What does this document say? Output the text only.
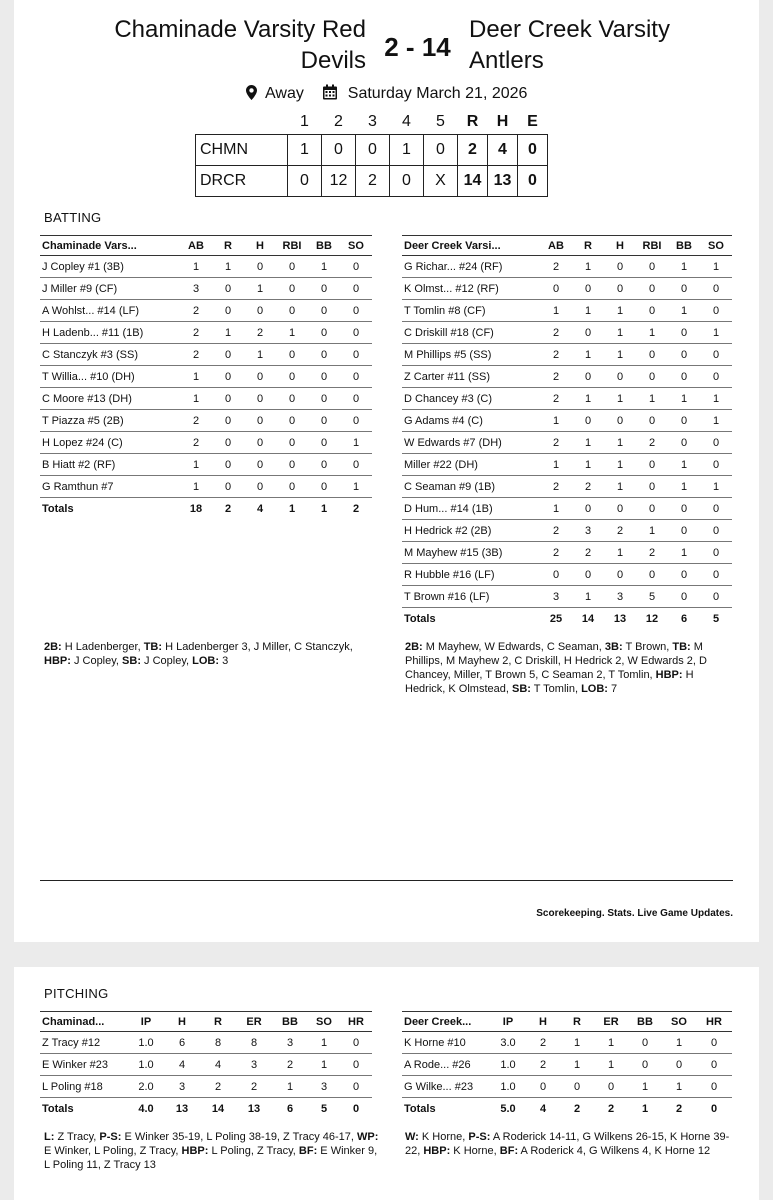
Chaminade Varsity Red Devils 2 - 14
Deer Creek Varsity Antlers
Away	Saturday March 21, 2026
	1	2	3	4	5	R	H	E
CHMN	1	0	0	1	0	2	4	0
DRCR	0	12	2	0	X	14	13	0
BATTING
Chaminade Vars...	AB	R	H	RBI	BB	SO
J Copley #1 (3B)	1	1	0	0	1	0
J Miller #9 (CF)	3	0	1	0	0	0
A Wohlst... #14 (LF)	2	0	0	0	0	0
H Ladenb... #11 (1B)	2	1	2	1	0	0
C Stanczyk #3 (SS)	2	0	1	0	0	0
T Willia... #10 (DH)	1	0	0	0	0	0
C Moore #13 (DH)	1	0	0	0	0	0
T Piazza #5 (2B)	2	0	0	0	0	0
H Lopez #24 (C)	2	0	0	0	0	1
B Hiatt #2 (RF)	1	0	0	0	0	0
G Ramthun #7	1	0	0	0	0	1
Totals	18	2	4	1	1	2
Deer Creek Varsi...	AB	R	H	RBI	BB	SO
G Richar... #24 (RF)	2	1	0	0	1	1
K Olmst... #12 (RF)	0	0	0	0	0	0
T Tomlin #8 (CF)	1	1	1	0	1	0
C Driskill #18 (CF)	2	0	1	1	0	1
M Phillips #5 (SS)	2	1	1	0	0	0
Z Carter #11 (SS)	2	0	0	0	0	0
D Chancey #3 (C)	2	1	1	1	1	1
G Adams #4 (C)	1	0	0	0	0	1
W Edwards #7 (DH)	2	1	1	2	0	0
Miller #22 (DH)	1	1	1	0	1	0
C Seaman #9 (1B)	2	2	1	0	1	1
D Hum... #14 (1B)	1	0	0	0	0	0
H Hedrick #2 (2B)	2	3	2	1	0	0
M Mayhew #15 (3B)	2	2	1	2	1	0
R Hubble #16 (LF)	0	0	0	0	0	0
T Brown #16 (LF)	3	1	3	5	0	0
Totals	25	14	13	12	6	5
2B: H Ladenberger, TB: H Ladenberger 3, J Miller, C Stanczyk, HBP: J Copley, SB: J Copley, LOB: 3
2B: M Mayhew, W Edwards, C Seaman, 3B: T Brown, TB: M Phillips, M Mayhew 2, C Driskill, H Hedrick 2, W Edwards 2, D Chancey, Miller, T Brown 5, C Seaman 2, T Tomlin, HBP: H Hedrick, K Olmstead, SB: T Tomlin, LOB: 7
Scorekeeping. Stats. Live Game Updates.
PITCHING
Chaminad...	IP	H	R	ER	BB	SO	HR
Z Tracy #12	1.0	6	8	8	3	1	0
E Winker #23	1.0	4	4	3	2	1	0
L Poling #18	2.0	3	2	2	1	3	0
Totals	4.0	13	14	13	6	5	0
Deer Creek...	IP	H	R	ER	BB	SO	HR
K Horne #10	3.0	2	1	1	0	1	0
A Rode... #26	1.0	2	1	1	0	0	0
G Wilke... #23	1.0	0	0	0	1	1	0
Totals	5.0	4	2	2	1	2	0
L: Z Tracy, P-S: E Winker 35-19, L Poling 38-19, Z Tracy 46-17, WP: E Winker, L Poling, Z Tracy, HBP: L Poling, Z Tracy, BF: E Winker 9, L Poling 11, Z Tracy 13
W: K Horne, P-S: A Roderick 14-11, G Wilkens 26-15, K Horne 39-22, HBP: K Horne, BF: A Roderick 4, G Wilkens 4, K Horne 12
